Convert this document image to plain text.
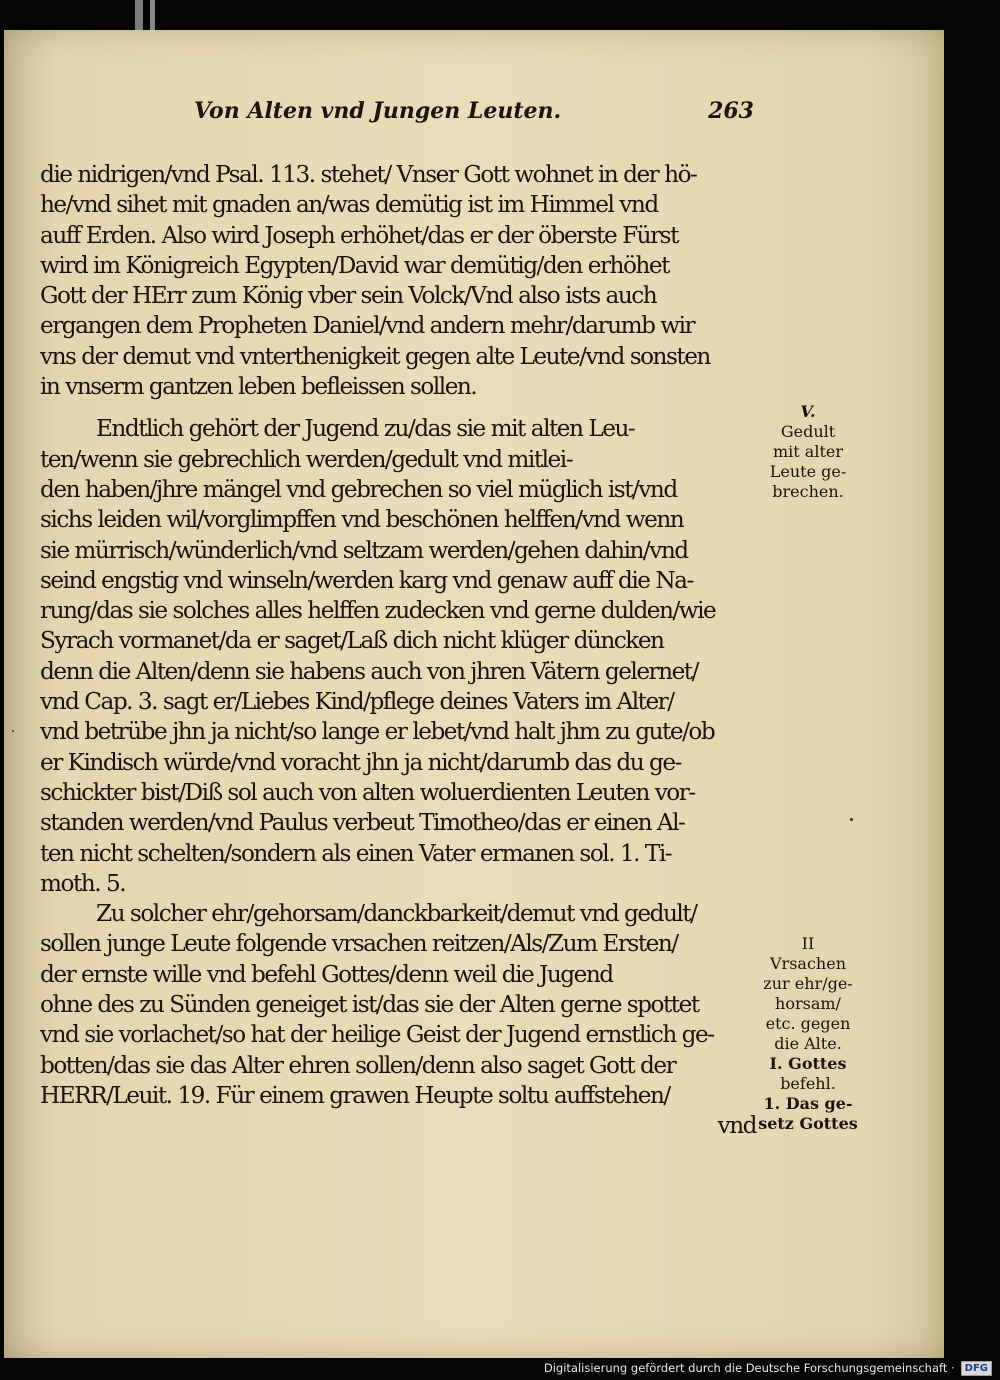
Von Alten vnd Jungen Leuten.	263
die nidrigen/vnd Psal. 113. stehet/ Vnser Gott wohnet in der hö-
he/vnd sihet mit gnaden an/was demütig ist im Himmel vnd
auff Erden. Also wird Joseph erhöhet/das er der öberste Fürst
wird im Königreich Egypten/David war demütig/den erhöhet
Gott der HErr zum König vber sein Volck/Vnd also ists auch
ergangen dem Propheten Daniel/vnd andern mehr/darumb wir
vns der demut vnd vnterthenigkeit gegen alte Leute/vnd sonsten
in vnserm gantzen leben befleissen sollen.
Endtlich gehört der Jugend zu/das sie mit alten Leu-
ten/wenn sie gebrechlich werden/gedult vnd mitlei-
den haben/jhre mängel vnd gebrechen so viel müglich ist/vnd
sichs leiden wil/vorglimpffen vnd beschönen helffen/vnd wenn
sie mürrisch/wünderlich/vnd seltzam werden/gehen dahin/vnd
seind engstig vnd winseln/werden karg vnd genaw auff die Na-
rung/das sie solches alles helffen zudecken vnd gerne dulden/wie
Syrach vormanet/da er saget/Laß dich nicht klüger düncken
denn die Alten/denn sie habens auch von jhren Vätern gelernet/
vnd Cap. 3. sagt er/Liebes Kind/pflege deines Vaters im Alter/
vnd betrübe jhn ja nicht/so lange er lebet/vnd halt jhm zu gute/ob
er Kindisch würde/vnd voracht jhn ja nicht/darumb das du ge-
schickter bist/Diß sol auch von alten woluerdienten Leuten vor-
standen werden/vnd Paulus verbeut Timotheo/das er einen Al-
ten nicht schelten/sondern als einen Vater ermanen sol. 1. Ti-
moth. 5.
Zu solcher ehr/gehorsam/danckbarkeit/demut vnd gedult/
sollen junge Leute folgende vrsachen reitzen/Als/Zum Ersten/
der ernste wille vnd befehl Gottes/denn weil die Jugend
ohne des zu Sünden geneiget ist/das sie der Alten gerne spottet
vnd sie vorlachet/so hat der heilige Geist der Jugend ernstlich ge-
botten/das sie das Alter ehren sollen/denn also saget Gott der
HERR/Leuit. 19. Für einem grawen Heupte soltu auffstehen/
vnd
V.
Gedult
mit alter
Leute ge-
brechen.
II
Vrsachen
zur ehr/ge-
horsam/
etc. gegen
die Alte.
I. Gottes
befehl.
1. Das ge-
setz Gottes
Digitalisierung gefördert durch die Deutsche Forschungsgemeinschaft ·	DFG
